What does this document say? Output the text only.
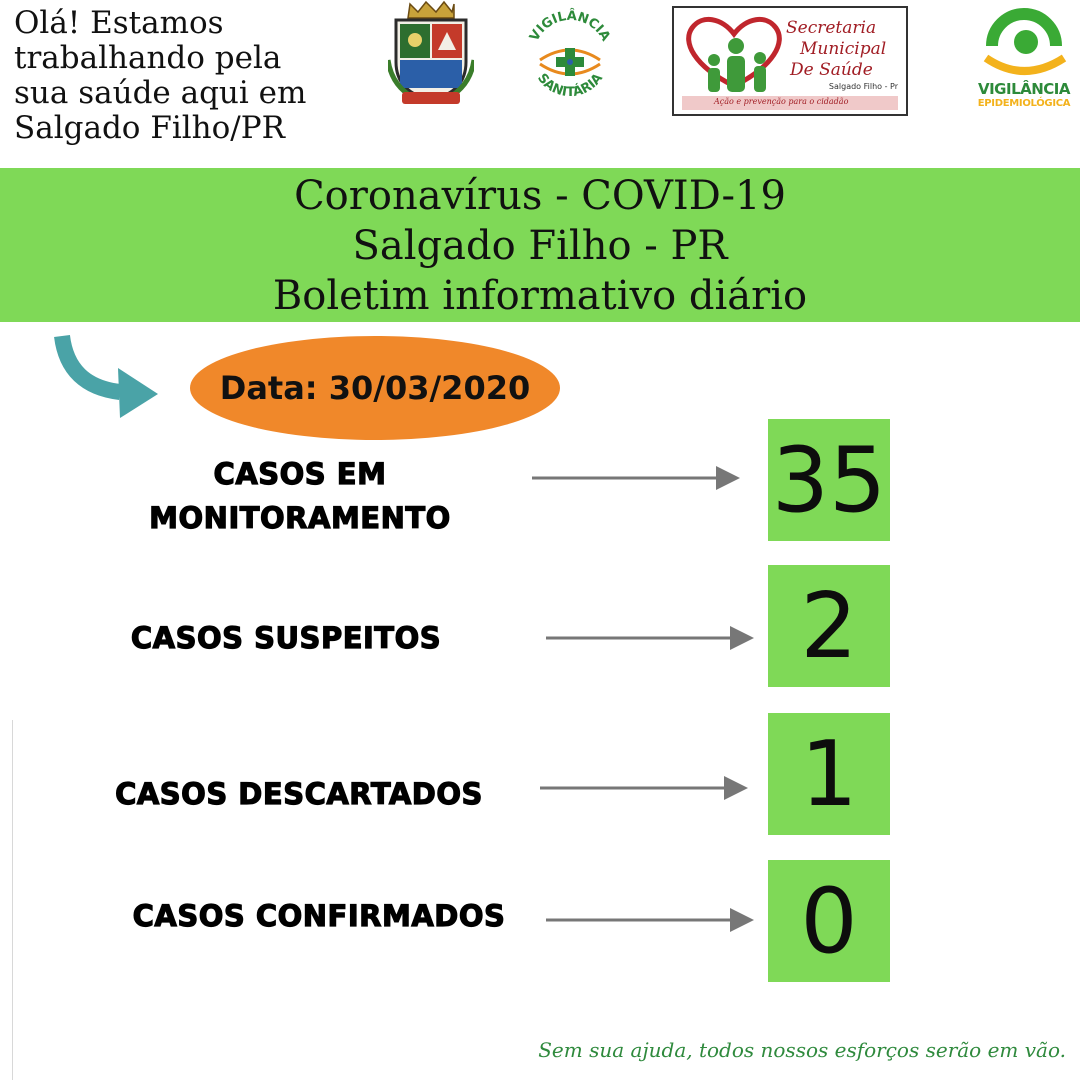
Olá! Estamos
trabalhando pela
sua saúde aqui em
Salgado Filho/PR
VIGILÂNCIA
SANITÁRIA
Secretaria
Municipal
De Saúde
Salgado Filho - Pr
Ação e prevenção para o cidadão
VIGILÂNCIA
EPIDEMIOLÓGICA
Coronavírus - COVID-19
Salgado Filho - PR
Boletim informativo diário
Data: 30/03/2020
CASOS EM
MONITORAMENTO	35
CASOS SUSPEITOS	2
CASOS DESCARTADOS	1
CASOS CONFIRMADOS	0
Sem sua ajuda, todos nossos esforços serão em vão.
